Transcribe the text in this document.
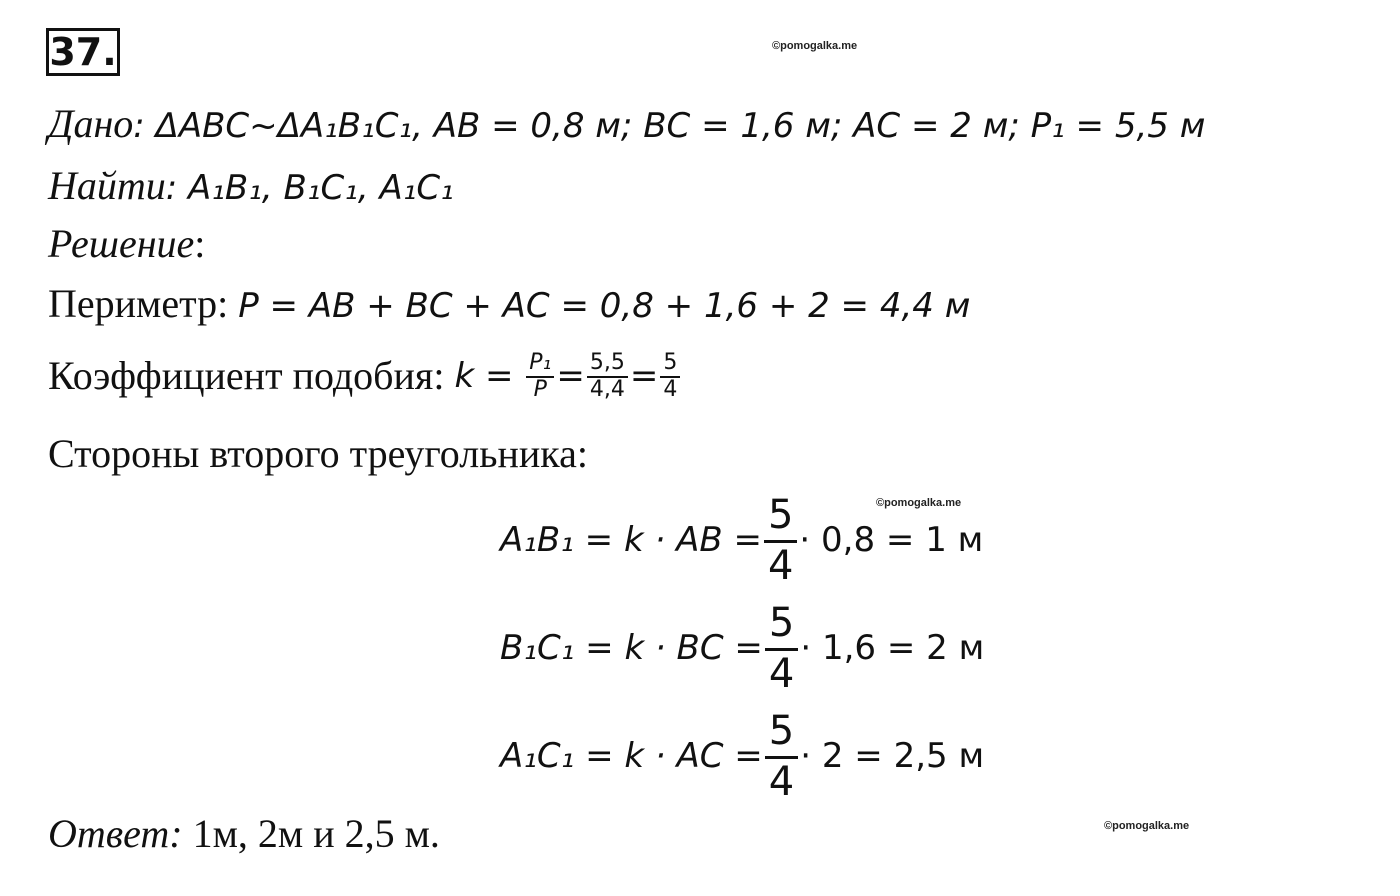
37.	©pomogalka.me
©pomogalka.me
©pomogalka.me
Дано: ΔABC~ΔA₁B₁C₁, AB = 0,8 м; BC = 1,6 м; AC = 2 м; P₁ = 5,5 м
Найти: A₁B₁, B₁C₁, A₁C₁
Решение:
Периметр: P = AB + BC + AC = 0,8 + 1,6 + 2 = 4,4 м
Коэффициент подобия:
$k = \frac{\text{P₁}}{P} = \frac{5,5}{4,4} = \frac{5}{4}$
Стороны второго треугольника:
A₁B₁ =
k · AB = $\frac{5}{4} \cdot 0,8 = 1$ м
B₁C₁ =
k · BC = $\frac{5}{4} \cdot 1,6 = 2$ м
A₁C₁ =
k · AC = $\frac{5}{4} \cdot 2 = 2,5$ м
Ответ: 1м, 2м и 2,5 м.
